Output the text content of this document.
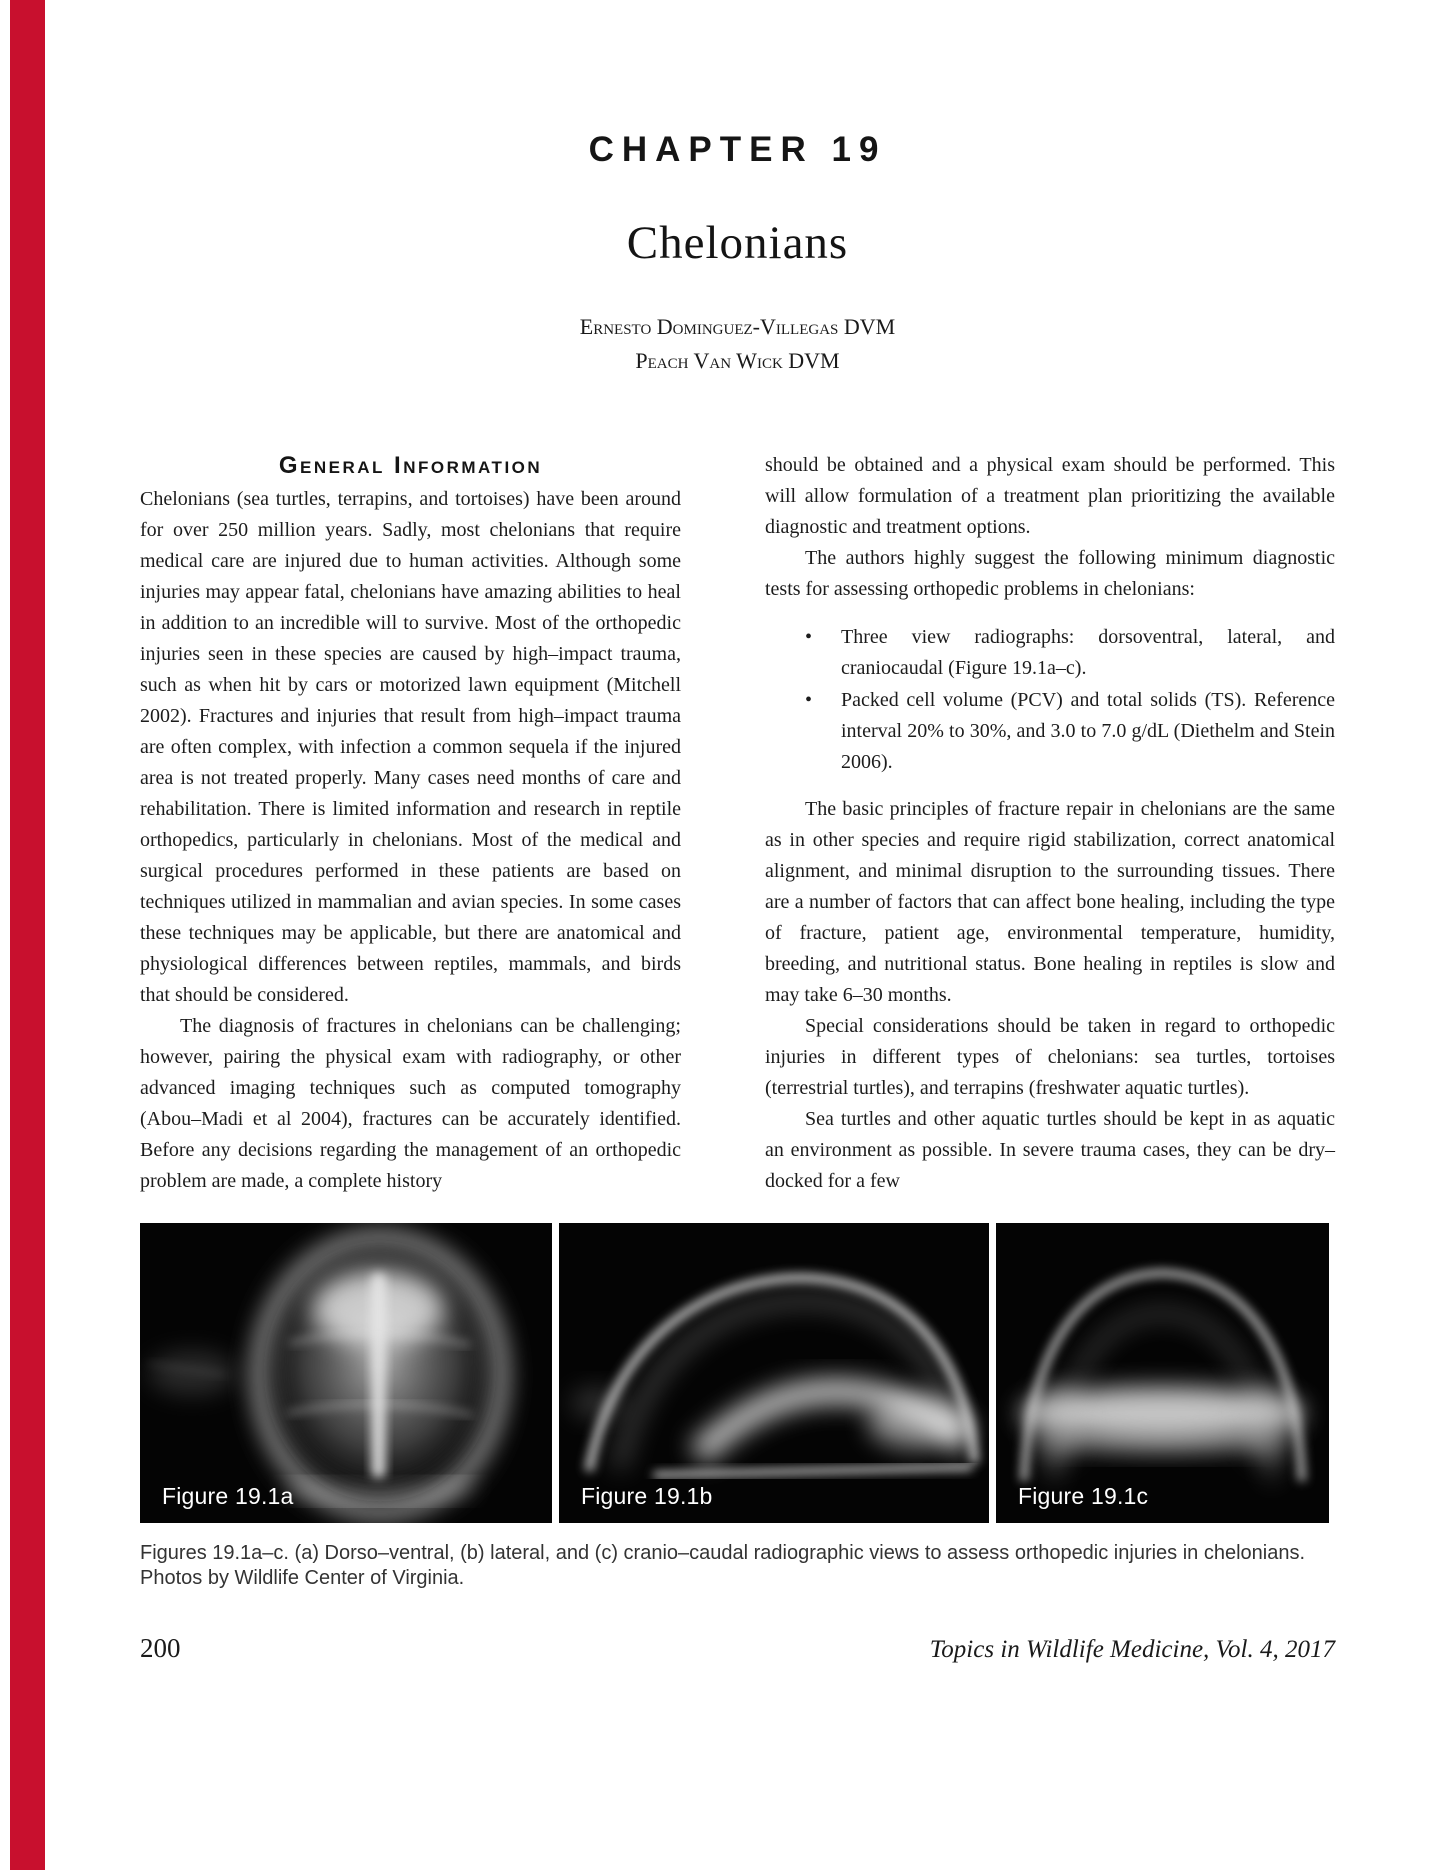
CHAPTER 19
Chelonians
Ernesto Dominguez-Villegas DVM
Peach Van Wick DVM
General Information

Chelonians (sea turtles, terrapins, and tortoises) have been around for over 250 million years. Sadly, most chelonians that require medical care are injured due to human activities. Although some injuries may appear fatal, chelonians have amazing abilities to heal in addition to an incredible will to survive. Most of the orthopedic injuries seen in these species are caused by high–impact trauma, such as when hit by cars or motorized lawn equipment (Mitchell 2002). Fractures and injuries that result from high–impact trauma are often complex, with infection a common sequela if the injured area is not treated properly. Many cases need months of care and rehabilitation. There is limited information and research in reptile orthopedics, particularly in chelonians. Most of the medical and surgical procedures performed in these patients are based on techniques utilized in mammalian and avian species. In some cases these techniques may be applicable, but there are anatomical and physiological differences between reptiles, mammals, and birds that should be considered.

The diagnosis of fractures in chelonians can be challenging; however, pairing the physical exam with radiography, or other advanced imaging techniques such as computed tomography (Abou–Madi et al 2004), fractures can be accurately identified. Before any decisions regarding the management of an orthopedic problem are made, a complete history

should be obtained and a physical exam should be performed. This will allow formulation of a treatment plan prioritizing the available diagnostic and treatment options.

The authors highly suggest the following minimum diagnostic tests for assessing orthopedic problems in chelonians:

• Three view radiographs: dorsoventral, lateral, and craniocaudal (Figure 19.1a–c).
• Packed cell volume (PCV) and total solids (TS). Reference interval 20% to 30%, and 3.0 to 7.0 g/dL (Diethelm and Stein 2006).

The basic principles of fracture repair in chelonians are the same as in other species and require rigid stabilization, correct anatomical alignment, and minimal disruption to the surrounding tissues. There are a number of factors that can affect bone healing, including the type of fracture, patient age, environmental temperature, humidity, breeding, and nutritional status. Bone healing in reptiles is slow and may take 6–30 months.

Special considerations should be taken in regard to orthopedic injuries in different types of chelonians: sea turtles, tortoises (terrestrial turtles), and terrapins (freshwater aquatic turtles).

Sea turtles and other aquatic turtles should be kept in as aquatic an environment as possible. In severe trauma cases, they can be dry–docked for a few

Figure 19.1a	Figure 19.1b	Figure 19.1c
Figures 19.1a–c. (a) Dorso–ventral, (b) lateral, and (c) cranio–caudal radiographic views to assess orthopedic injuries in chelonians. Photos by Wildlife Center of Virginia.
200	Topics in Wildlife Medicine, Vol. 4, 2017
